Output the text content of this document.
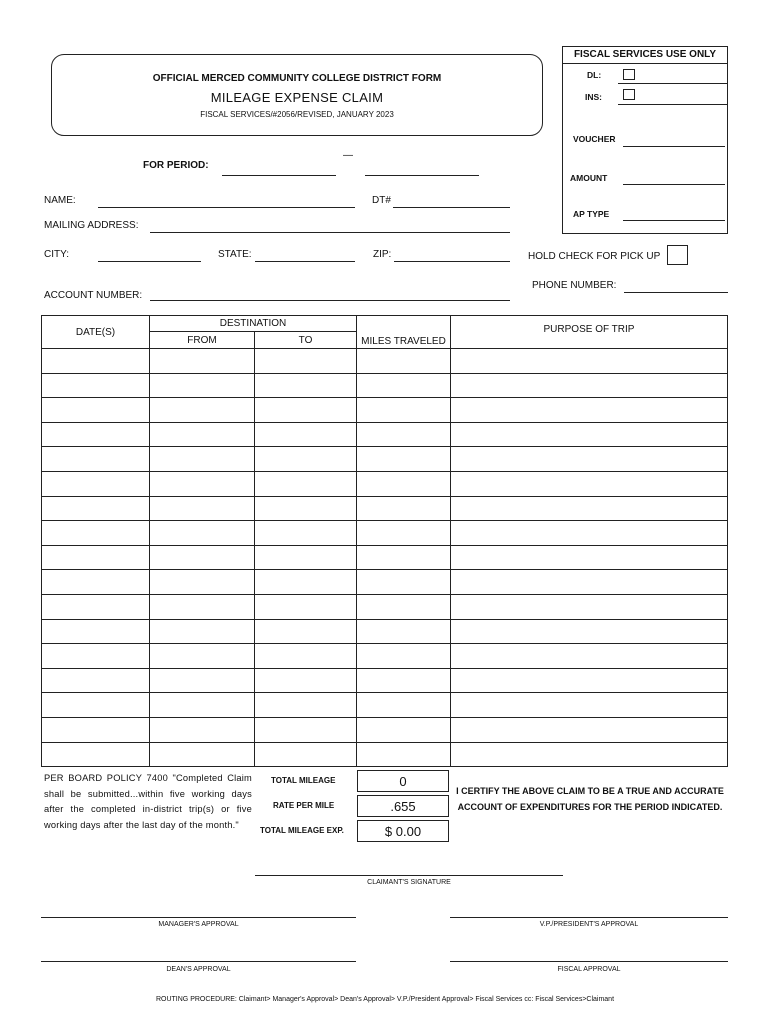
OFFICIAL MERCED COMMUNITY COLLEGE DISTRICT FORM
MILEAGE EXPENSE CLAIM
FISCAL SERVICES/#2056/REVISED, JANUARY 2023
FISCAL SERVICES USE ONLY
DL:
INS:
VOUCHER
AMOUNT
AP TYPE
FOR PERIOD:
—
NAME:	DT#
MAILING ADDRESS:
CITY:	STATE:	ZIP:	HOLD CHECK FOR PICK UP
PHONE NUMBER:
ACCOUNT NUMBER:
DATE(S)	DESTINATION		MILES TRAVELED	PURPOSE OF TRIP
	FROM	TO		

PER BOARD POLICY 7400 "Completed Claim shall be submitted...within five working days after the completed in-district trip(s) or five working days after the last day of the month."
TOTAL MILEAGE	0
RATE PER MILE	.655
TOTAL MILEAGE EXP.	$ 0.00
I CERTIFY THE ABOVE CLAIM TO BE A TRUE AND ACCURATE ACCOUNT OF EXPENDITURES FOR THE PERIOD INDICATED.
CLAIMANT'S SIGNATURE
MANAGER'S APPROVAL	V.P./PRESIDENT'S APPROVAL
DEAN'S APPROVAL	FISCAL APPROVAL
ROUTING PROCEDURE: Claimant> Manager's Approval> Dean's Approval> V.P./President Approval> Fiscal Services cc: Fiscal Services>Claimant
